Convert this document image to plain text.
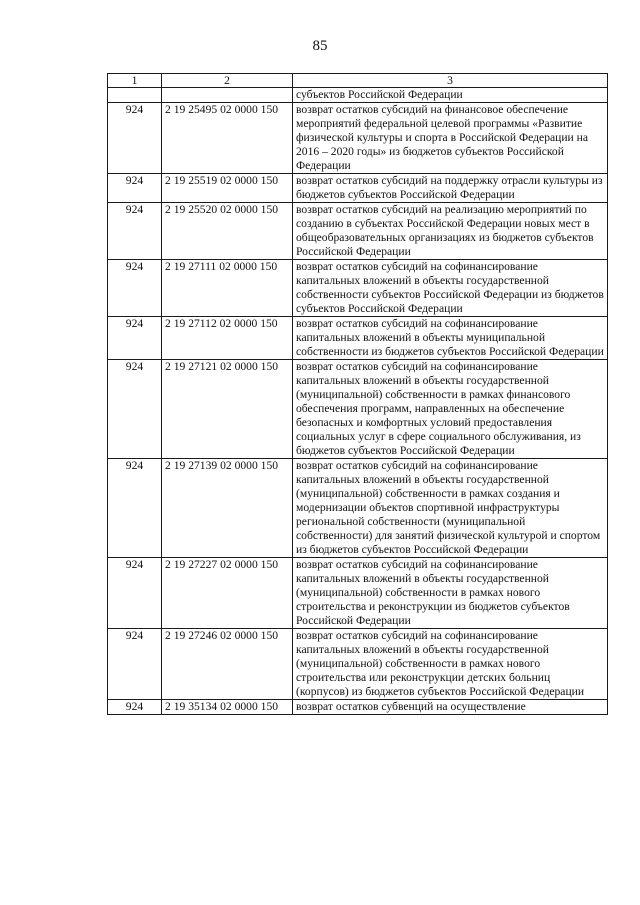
85
1	2	3
		субъектов Российской Федерации
924	2 19 25495 02 0000 150	возврат остатков субсидий на финансовое обеспечение мероприятий федеральной целевой программы «Развитие физической культуры и спорта в Российской Федерации на 2016 – 2020 годы» из бюджетов субъектов Российской Федерации
924	2 19 25519 02 0000 150	возврат остатков субсидий на поддержку отрасли культуры из бюджетов субъектов Российской Федерации
924	2 19 25520 02 0000 150	возврат остатков субсидий на реализацию мероприятий по созданию в субъектах Российской Федерации новых мест в общеобразовательных организациях из бюджетов субъектов Российской Федерации
924	2 19 27111 02 0000 150	возврат остатков субсидий на софинансирование капитальных вложений в объекты государственной собственности субъектов Российской Федерации из бюджетов субъектов Российской Федерации
924	2 19 27112 02 0000 150	возврат остатков субсидий на софинансирование капитальных вложений в объекты муниципальной собственности из бюджетов субъектов Российской Федерации
924	2 19 27121 02 0000 150	возврат остатков субсидий на софинансирование капитальных вложений в объекты государственной (муниципальной) собственности в рамках финансового обеспечения программ, направленных на обеспечение безопасных и комфортных условий предоставления социальных услуг в сфере социального обслуживания, из бюджетов субъектов Российской Федерации
924	2 19 27139 02 0000 150	возврат остатков субсидий на софинансирование капитальных вложений в объекты государственной (муниципальной) собственности в рамках создания и модернизации объектов спортивной инфраструктуры региональной собственности (муниципальной собственности) для занятий физической культурой и спортом из бюджетов субъектов Российской Федерации
924	2 19 27227 02 0000 150	возврат остатков субсидий на софинансирование капитальных вложений в объекты государственной (муниципальной) собственности в рамках нового строительства и реконструкции из бюджетов субъектов Российской Федерации
924	2 19 27246 02 0000 150	возврат остатков субсидий на софинансирование капитальных вложений в объекты государственной (муниципальной) собственности в рамках нового строительства или реконструкции детских больниц (корпусов) из бюджетов субъектов Российской Федерации
924	2 19 35134 02 0000 150	возврат остатков субвенций на осуществление
